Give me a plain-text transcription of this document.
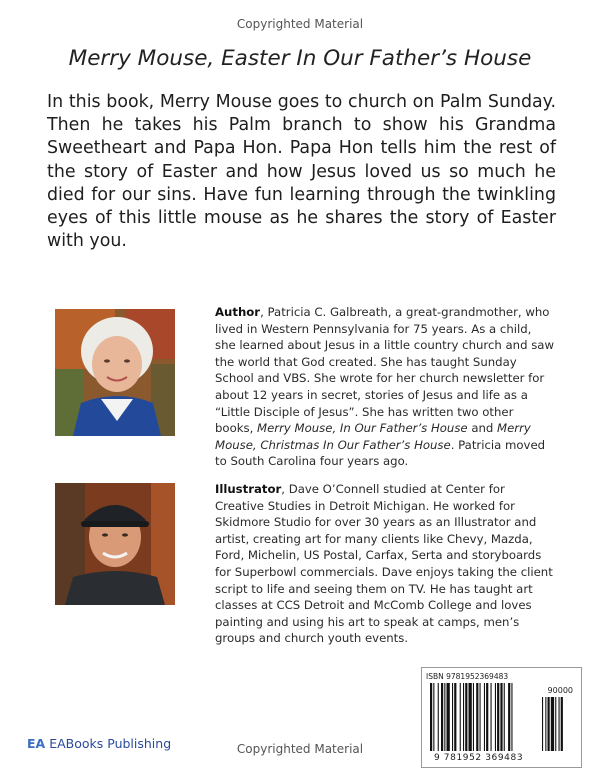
Copyrighted Material
Merry Mouse, Easter In Our Father’s House
In this book, Merry Mouse goes to church on Palm Sunday. Then he takes his Palm branch to show his Grandma Sweetheart and Papa Hon. Papa Hon tells him the rest of the story of Easter and how Jesus loved us so much he died for our sins. Have fun learning through the twinkling eyes of this little mouse as he shares the story of Easter with you.
Author, Patricia C. Galbreath, a great-grandmother, who lived in Western Pennsylvania for 75 years. As a child, she learned about Jesus in a little country church and saw the world that God created. She has taught Sunday School and VBS. She wrote for her church newsletter for about 12 years in secret, stories of Jesus and life as a “Little Disciple of Jesus”. She has written two other books, Merry Mouse, In Our Father’s House and Merry Mouse, Christmas In Our Father’s House. Patricia moved to South Carolina four years ago.
Illustrator, Dave O’Connell studied at Center for Creative Studies in Detroit Michigan. He worked for Skidmore Studio for over 30 years as an Illustrator and artist, creating art for many clients like Chevy, Mazda, Ford, Michelin, US Postal, Carfax, Serta and storyboards for Superbowl commercials. Dave enjoys taking the client script to life and seeing them on TV. He has taught art classes at CCS Detroit and McComb College and loves painting and using his art to speak at camps, men’s groups and church youth events.
ISBN 9781952369483
90000
9 781952 369483
EA EABooks Publishing	Copyrighted Material
